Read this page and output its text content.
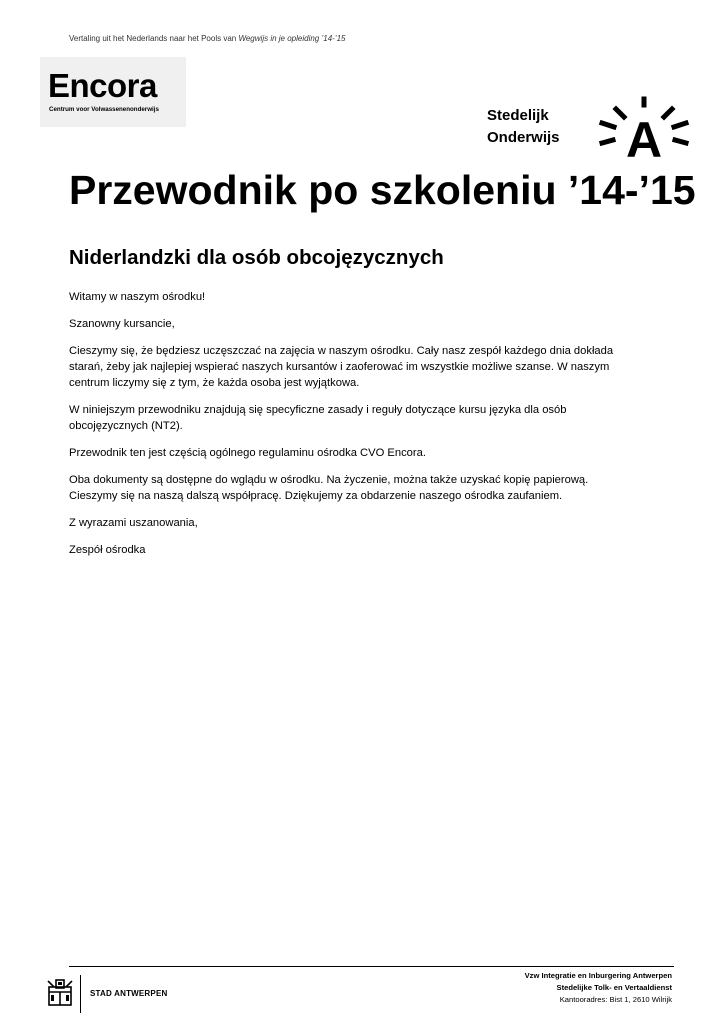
Vertaling uit het Nederlands naar het Pools van Wegwijs in je opleiding ’14-’15
Encora
Centrum voor Volwassenenonderwijs	Stedelijk
Onderwijs A
Przewodnik po szkoleniu ’14-’15
Niderlandzki dla osób obcojęzycznych

Witamy w naszym ośrodku!

Szanowny kursancie,

Cieszymy się, że będziesz uczęszczać na zajęcia w naszym ośrodku. Cały nasz zespół każdego dnia dokłada
starań, żeby jak najlepiej wspierać naszych kursantów i zaoferować im wszystkie możliwe szanse. W naszym
centrum liczymy się z tym, że każda osoba jest wyjątkowa.

W niniejszym przewodniku znajdują się specyficzne zasady i reguły dotyczące kursu języka dla osób
obcojęzycznych (NT2).

Przewodnik ten jest częścią ogólnego regulaminu ośrodka CVO Encora.

Oba dokumenty są dostępne do wglądu w ośrodku. Na życzenie, można także uzyskać kopię papierową.
Cieszymy się na naszą dalszą współpracę. Dziękujemy za obdarzenie naszego ośrodka zaufaniem.

Z wyrazami uszanowania,

Zespół ośrodka

STAD ANTWERPEN
Vzw Integratie en Inburgering Antwerpen
Stedelijke Tolk- en Vertaaldienst
Kantooradres: Bist 1, 2610 Wilrijk
